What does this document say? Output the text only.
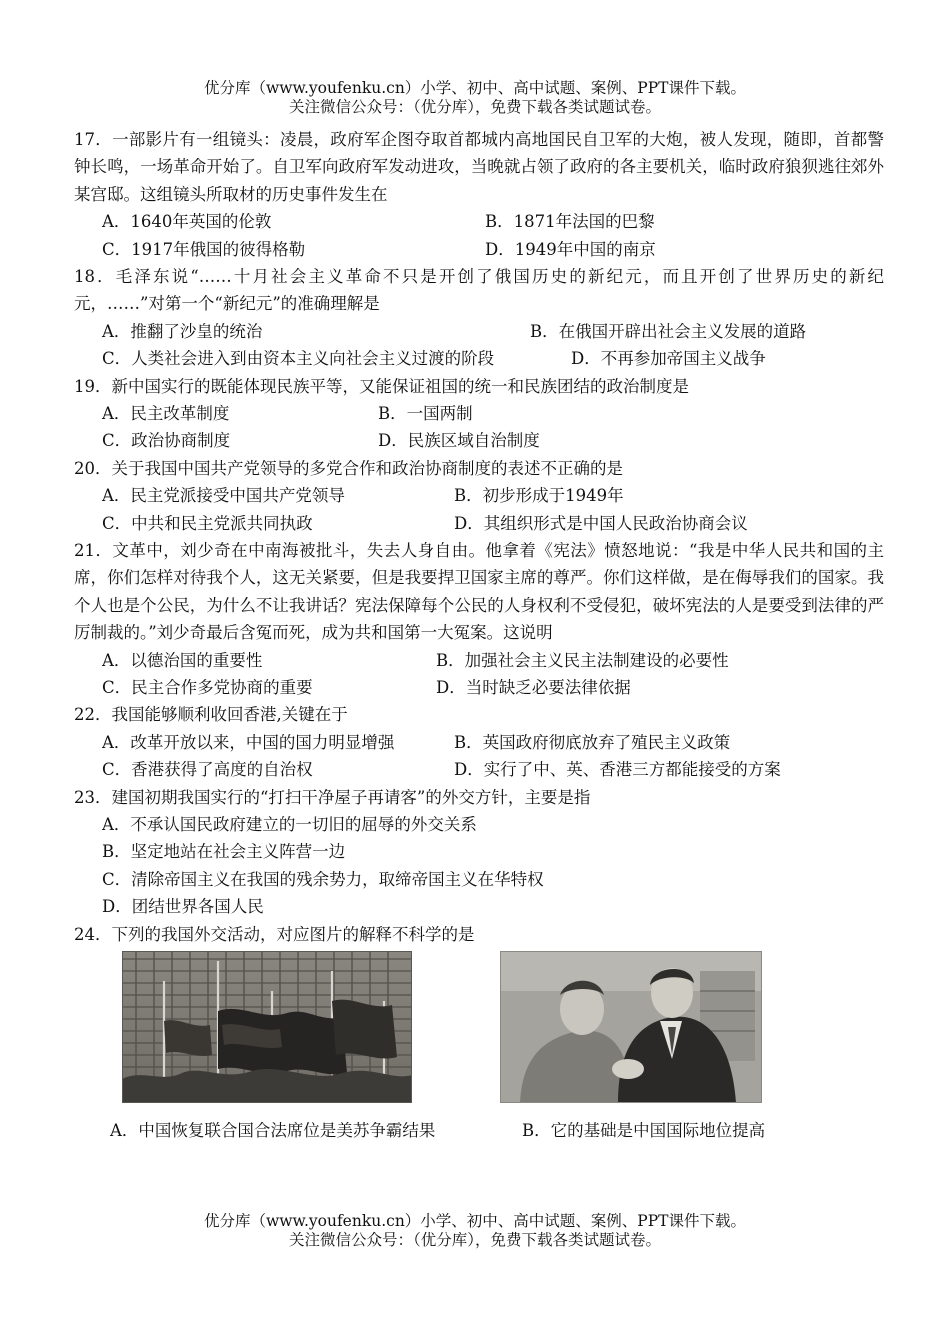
优分库（www.youfenku.cn）小学、初中、高中试题、案例、PPT课件下载。

关注微信公众号：（优分库），免费下载各类试题试卷。

17．一部影片有一组镜头：凌晨，政府军企图夺取首都城内高地国民自卫军的大炮，被人发现，随即，首都警钟长鸣，一场革命开始了。自卫军向政府军发动进攻，当晚就占领了政府的各主要机关，临时政府狼狈逃往郊外某宫邸。这组镜头所取材的历史事件发生在

A．1640年英国的伦敦	B．1871年法国的巴黎
C．1917年俄国的彼得格勒	D．1949年中国的南京

18．毛泽东说“……十月社会主义革命不只是开创了俄国历史的新纪元，而且开创了世界历史的新纪元，……”对第一个“新纪元”的准确理解是

A．推翻了沙皇的统治	B．在俄国开辟出社会主义发展的道路
C．人类社会进入到由资本主义向社会主义过渡的阶段	D．不再参加帝国主义战争

19．新中国实行的既能体现民族平等，又能保证祖国的统一和民族团结的政治制度是

A．民主改革制度	B．一国两制
C．政治协商制度	D．民族区域自治制度

20．关于我国中国共产党领导的多党合作和政治协商制度的表述不正确的是

A．民主党派接受中国共产党领导	B．初步形成于1949年
C．中共和民主党派共同执政	D．其组织形式是中国人民政治协商会议

21．文革中，刘少奇在中南海被批斗，失去人身自由。他拿着《宪法》愤怒地说：“我是中华人民共和国的主席，你们怎样对待我个人，这无关紧要，但是我要捍卫国家主席的尊严。你们这样做，是在侮辱我们的国家。我个人也是个公民，为什么不让我讲话？宪法保障每个公民的人身权利不受侵犯，破坏宪法的人是要受到法律的严厉制裁的。”刘少奇最后含冤而死，成为共和国第一大冤案。这说明

A．以德治国的重要性	B．加强社会主义民主法制建设的必要性
C．民主合作多党协商的重要	D．当时缺乏必要法律依据

22．我国能够顺利收回香港,关键在于

A．改革开放以来，中国的国力明显增强	B．英国政府彻底放弃了殖民主义政策
C．香港获得了高度的自治权	D．实行了中、英、香港三方都能接受的方案

23．建国初期我国实行的“打扫干净屋子再请客”的外交方针，主要是指

A．不承认国民政府建立的一切旧的屈辱的外交关系

B．坚定地站在社会主义阵营一边

C．清除帝国主义在我国的残余势力，取缔帝国主义在华特权

D．团结世界各国人民

24．下列的我国外交活动，对应图片的解释不科学的是

A．中国恢复联合国合法席位是美苏争霸结果	B．它的基础是中国国际地位提高

优分库（www.youfenku.cn）小学、初中、高中试题、案例、PPT课件下载。

关注微信公众号：（优分库），免费下载各类试题试卷。
